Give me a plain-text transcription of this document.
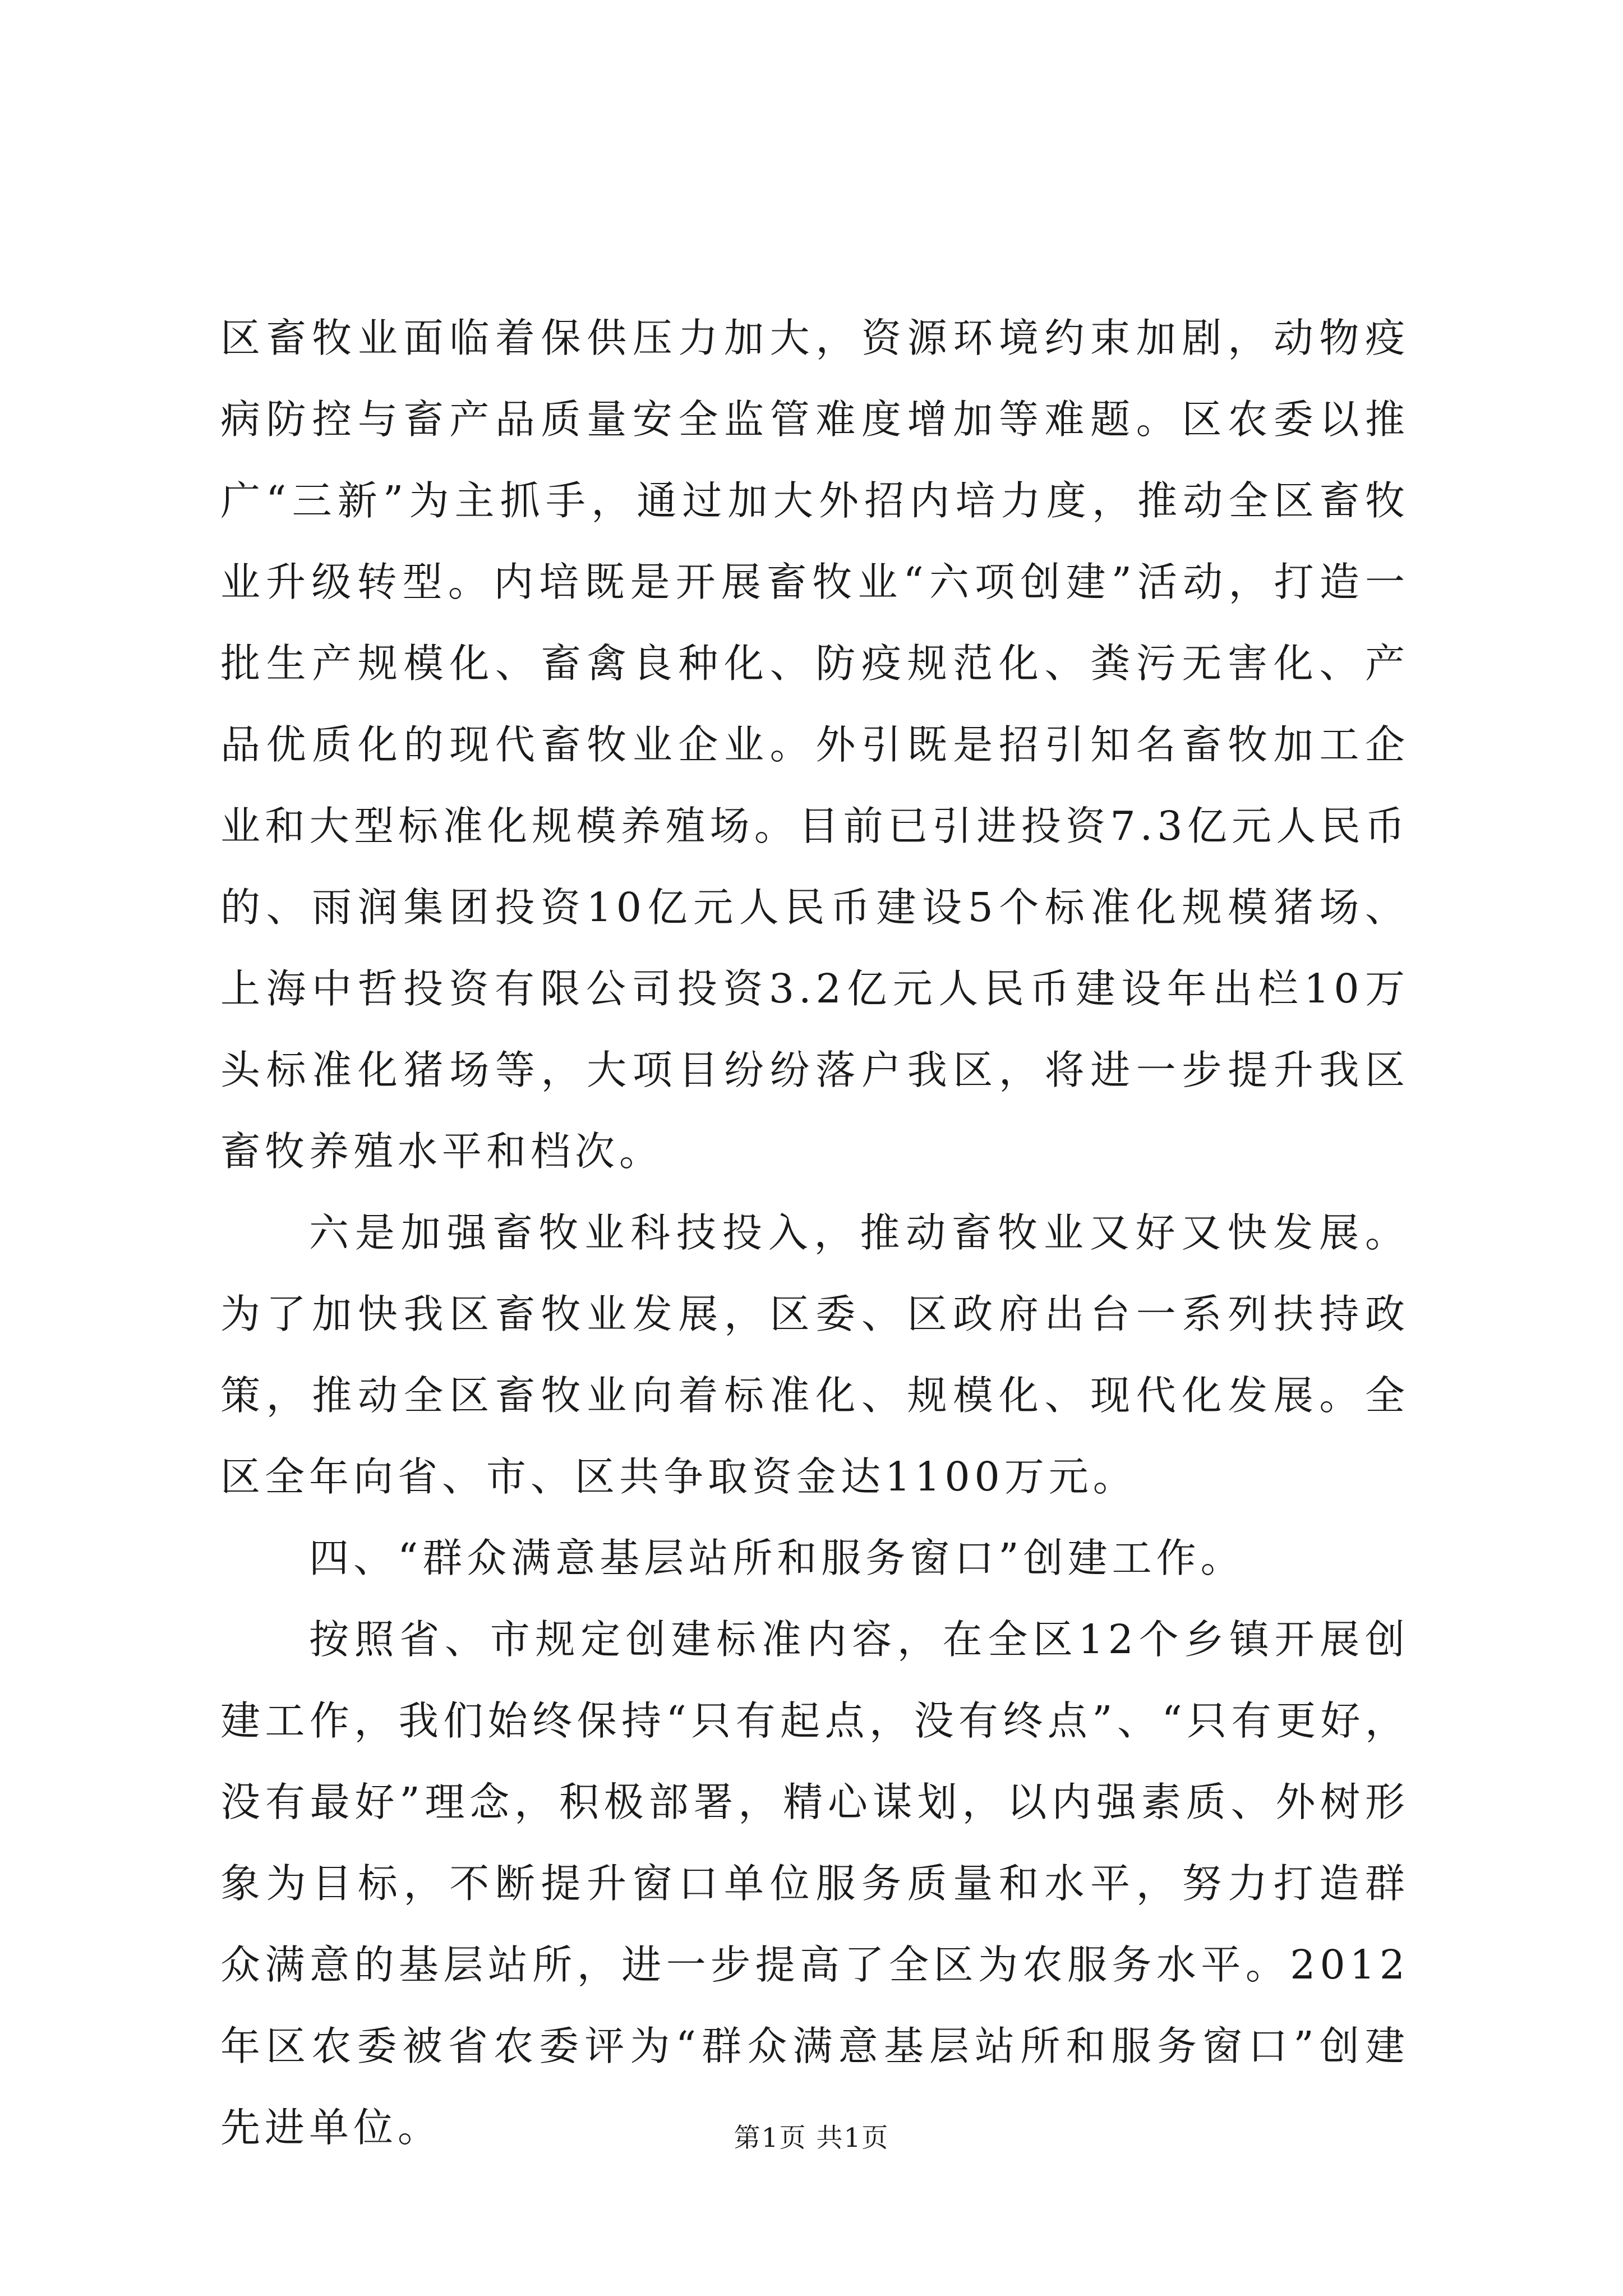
区畜牧业面临着保供压力加大，资源环境约束加剧，动物疫病防控与畜产品质量安全监管难度增加等难题。区农委以推广“三新”为主抓手，通过加大外招内培力度，推动全区畜牧业升级转型。内培既是开展畜牧业“六项创建”活动，打造一批生产规模化、畜禽良种化、防疫规范化、粪污无害化、产品优质化的现代畜牧业企业。外引既是招引知名畜牧加工企业和大型标准化规模养殖场。目前已引进投资7.3亿元人民币的、雨润集团投资10亿元人民币建设5个标准化规模猪场、上海中哲投资有限公司投资3.2亿元人民币建设年出栏10万头标准化猪场等，大项目纷纷落户我区，将进一步提升我区畜牧养殖水平和档次。

六是加强畜牧业科技投入，推动畜牧业又好又快发展。为了加快我区畜牧业发展，区委、区政府出台一系列扶持政策，推动全区畜牧业向着标准化、规模化、现代化发展。全区全年向省、市、区共争取资金达1100万元。

四、“群众满意基层站所和服务窗口”创建工作。

按照省、市规定创建标准内容，在全区12个乡镇开展创建工作，我们始终保持“只有起点，没有终点”、“只有更好，没有最好”理念，积极部署，精心谋划，以内强素质、外树形象为目标，不断提升窗口单位服务质量和水平，努力打造群众满意的基层站所，进一步提高了全区为农服务水平。2012年区农委被省农委评为“群众满意基层站所和服务窗口”创建先进单位。	第1页 共1页
